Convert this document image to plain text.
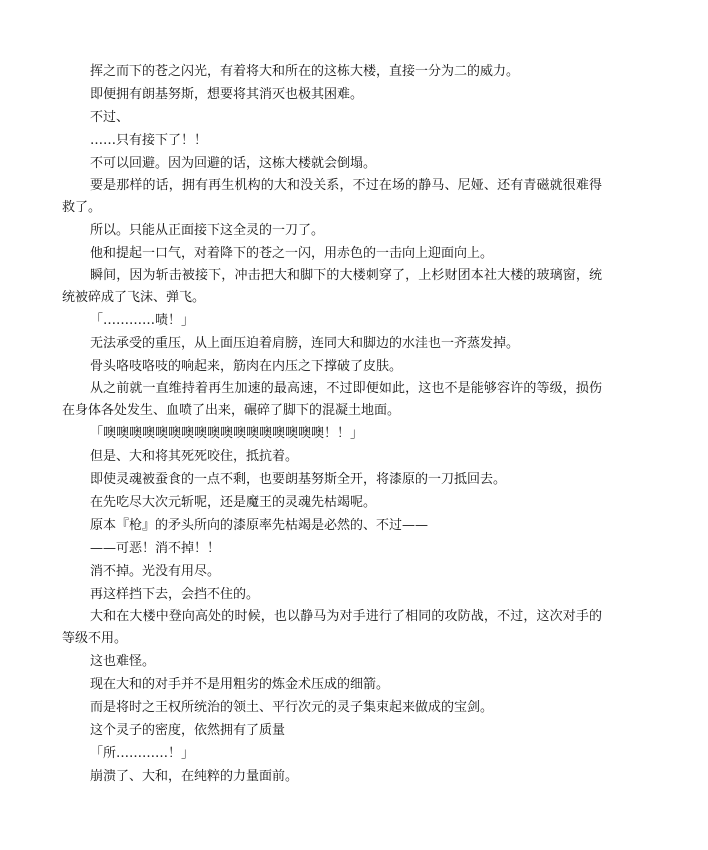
挥之而下的苍之闪光，有着将大和所在的这栋大楼，直接一分为二的威力。

即便拥有朗基努斯，想要将其消灭也极其困难。

不过、

……只有接下了！！

不可以回避。因为回避的话，这栋大楼就会倒塌。

要是那样的话，拥有再生机构的大和没关系，不过在场的静马、尼娅、还有青磁就很难得救了。

所以。只能从正面接下这全灵的一刀了。

他和提起一口气，对着降下的苍之一闪，用赤色的一击向上迎面向上。

瞬间，因为斩击被接下，冲击把大和脚下的大楼刺穿了，上杉财团本社大楼的玻璃窗，统统被碎成了飞沫、弹飞。

「…………啧！」

无法承受的重压，从上面压迫着肩膀，连同大和脚边的水洼也一齐蒸发掉。

骨头咯吱咯吱的响起来，筋肉在内压之下撑破了皮肤。

从之前就一直维持着再生加速的最高速，不过即便如此，这也不是能够容许的等级，损伤在身体各处发生、血喷了出来，碾碎了脚下的混凝土地面。

「噢噢噢噢噢噢噢噢噢噢噢噢噢噢噢噢噢！！」

但是、大和将其死死咬住，抵抗着。

即使灵魂被蚕食的一点不剩，也要朗基努斯全开，将漆原的一刀抵回去。

在先吃尽大次元斩呢，还是魔王的灵魂先枯竭呢。

原本『枪』的矛头所向的漆原率先枯竭是必然的、不过——

——可恶！消不掉！！

消不掉。光没有用尽。

再这样挡下去，会挡不住的。

大和在大楼中登向高处的时候，也以静马为对手进行了相同的攻防战，不过，这次对手的等级不用。

这也难怪。

现在大和的对手并不是用粗劣的炼金术压成的细箭。

而是将时之王权所统治的领土、平行次元的灵子集束起来做成的宝剑。

这个灵子的密度，依然拥有了质量

「所…………！」

崩溃了、大和，在纯粹的力量面前。
